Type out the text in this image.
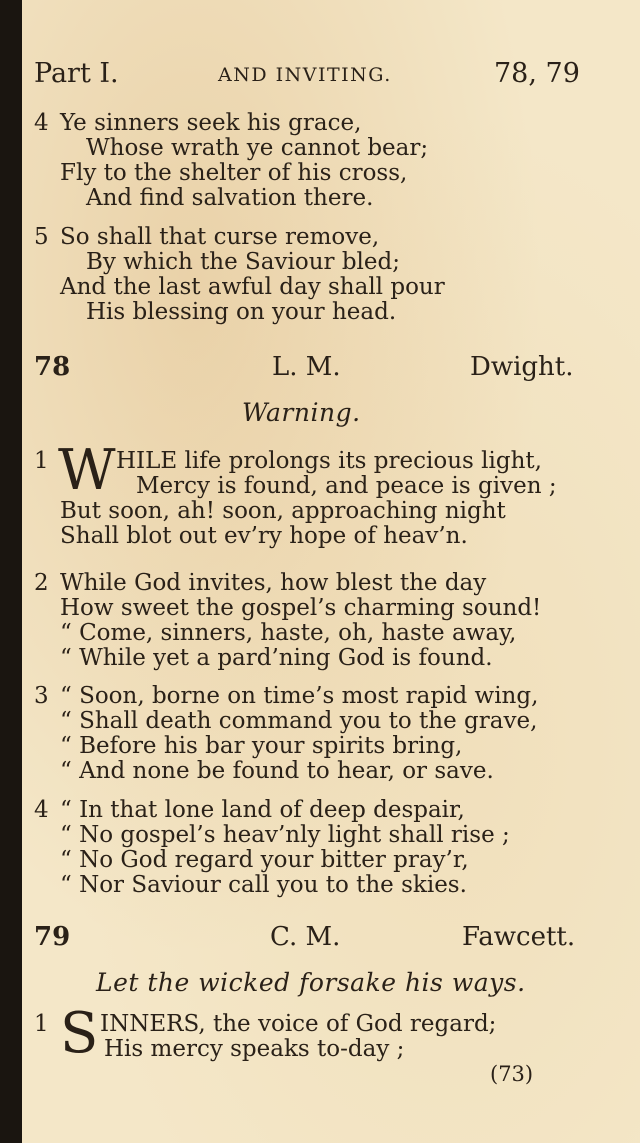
Part I.	AND INVITING.	78, 79
4 Ye sinners seek his grace,
Whose wrath ye cannot bear;
Fly to the shelter of his cross,
And find salvation there.
5 So shall that curse remove,
By which the Saviour bled;
And the last awful day shall pour
His blessing on your head.
78	L. M.	Dwight.
Warning.
1 W HILE life prolongs its precious light,
Mercy is found, and peace is given ;
But soon, ah! soon, approaching night
Shall blot out ev’ry hope of heav’n.
2 While God invites, how blest the day
How sweet the gospel’s charming sound!
“ Come, sinners, haste, oh, haste away,
“ While yet a pard’ning God is found.
3 “ Soon, borne on time’s most rapid wing,
“ Shall death command you to the grave,
“ Before his bar your spirits bring,
“ And none be found to hear, or save.
4 “ In that lone land of deep despair,
“ No gospel’s heav’nly light shall rise ;
“ No God regard your bitter pray’r,
“ Nor Saviour call you to the skies.
79	C. M.	Fawcett.
Let the wicked forsake his ways.
1 S INNERS, the voice of God regard;
His mercy speaks to-day ;
(73)
